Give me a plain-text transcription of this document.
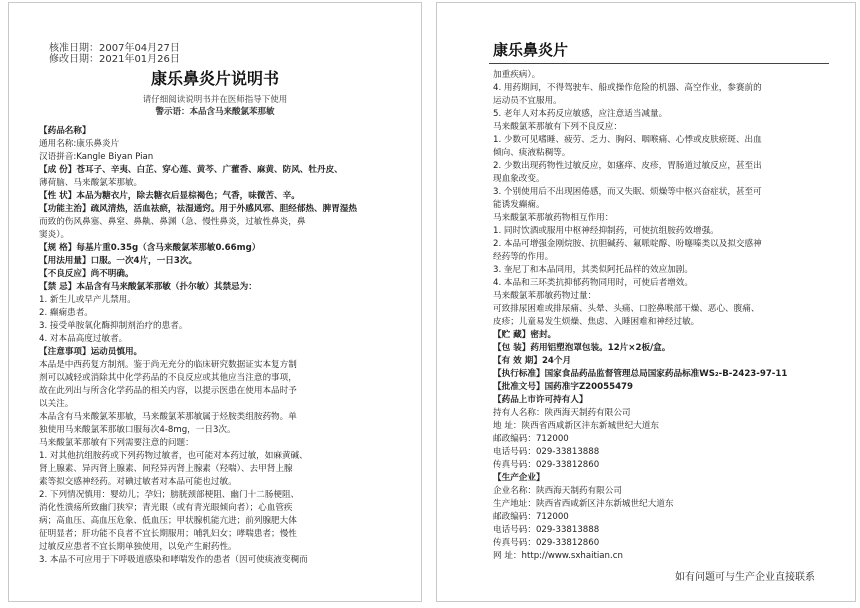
核准日期：2007年04月27日
修改日期：2021年01月26日
康乐鼻炎片说明书
请仔细阅读说明书并在医师指导下使用
警示语：本品含马来酸氯苯那敏
【药品名称】
通用名称:康乐鼻炎片
汉语拼音:Kangle Biyan Pian
【成 份】苍耳子、辛夷、白芷、穿心莲、黄芩、广藿香、麻黄、防风、牡丹皮、
薄荷脑、马来酸氯苯那敏。
【性 状】本品为糖衣片，除去糖衣后显棕褐色；气香，味微苦、辛。
【功能主治】疏风清热，活血祛瘀，祛湿通窍。用于外感风邪、胆经郁热、脾胃湿热
而致的伤风鼻塞、鼻窒、鼻鼽、鼻渊（急、慢性鼻炎，过敏性鼻炎，鼻
窦炎）。
【规 格】每基片重0.35g（含马来酸氯苯那敏0.66mg）
【用法用量】口服。一次4片，一日3次。
【不良反应】尚不明确。
【禁 忌】本品含有马来酸氯苯那敏（扑尔敏）其禁忌为：
1. 新生儿或早产儿禁用。
2. 癫痫患者。
3. 接受单胺氧化酶抑制剂治疗的患者。
4. 对本品高度过敏者。
【注意事项】运动员慎用。
本品是中西药复方制剂。鉴于尚无充分的临床研究数据证实本复方制
剂可以减轻或消除其中化学药品的不良反应或其他应当注意的事项，
故在此列出与所含化学药品的相关内容，以提示医患在使用本品时予
以关注。
本品含有马来酸氯苯那敏，马来酸氯苯那敏属于烃胺类组胺药物。单
独使用马来酸氯苯那敏口服每次4-8mg，一日3次。
马来酸氯苯那敏有下列需要注意的问题：
1. 对其他抗组胺药或下列药物过敏者，也可能对本药过敏，如麻黄碱、
肾上腺素、异丙肾上腺素、间羟异丙肾上腺素（羟喘）、去甲肾上腺
素等拟交感神经药。对碘过敏者对本品可能也过敏。
2. 下列情况慎用：婴幼儿；孕妇；膀胱颈部梗阻、幽门十二肠梗阻、
消化性溃疡所致幽门狭窄；青光眼（或有青光眼倾向者）；心血管疾
病；高血压、高血压危象、低血压；甲状腺机能亢进；前列腺肥大体
征明显者；肝功能不良者不宜长期服用；哺乳妇女；哮喘患者；慢性
过敏反应患者不宜长期单独使用，以免产生耐药性。
3. 本品不可应用于下呼吸道感染和哮喘发作的患者（因可使痰液变稠而
康乐鼻炎片
加重疾病）。
4. 用药期间，不得驾驶车、船或操作危险的机器、高空作业，参赛前的
运动员不宜服用。
5. 老年人对本药反应敏感，应注意适当减量。
马来酸氯苯那敏有下列不良反应：
1. 少数可见嗜睡、疲劳、乏力、胸闷、咽喉痛、心悸或皮肤瘀斑、出血
倾向、痰液粘稠等。
2. 少数出现药物性过敏反应，如瘙痒、皮疹，胃肠道过敏反应，甚至出
现血象改变。
3. 个别使用后不出现困倦感，而又失眠、烦燥等中枢兴奋症状，甚至可
能诱发癫痫。
马来酸氯苯那敏药物相互作用：
1. 同时饮酒或服用中枢神经抑制药，可使抗组胺药效增强。
2. 本品可增强金刚烷胺、抗胆碱药、氟哌啶醇、吩噻嗪类以及拟交感神
经药等的作用。
3. 奎尼丁和本品同用，其类似阿托品样的效应加剧。
4. 本品和三环类抗抑郁药物同用时，可使后者增效。
马来酸氯苯那敏药物过量：
可致排尿困难或排尿痛、头晕、头痛、口腔鼻喉部干燥、恶心、腹痛、
皮疹；儿童易发生烦燥、焦虑、入睡困难和神经过敏。
【贮 藏】密封。
【包 装】药用铝塑泡罩包装。12片×2板/盒。
【有 效 期】24个月
【执行标准】国家食品药品监督管理总局国家药品标准WS₂-B-2423-97-11
【批准文号】国药准字Z20055479
【药品上市许可持有人】
持有人名称：陕西海天制药有限公司
地 址：陕西省西咸新区沣东新城世纪大道东
邮政编码：712000
电话号码：029-33813888
传真号码：029-33812860
【生产企业】
企业名称：陕西海天制药有限公司
生产地址：陕西省西咸新区沣东新城世纪大道东
邮政编码：712000
电话号码：029-33813888
传真号码：029-33812860
网 址：http://www.sxhaitian.cn
如有问题可与生产企业直接联系
